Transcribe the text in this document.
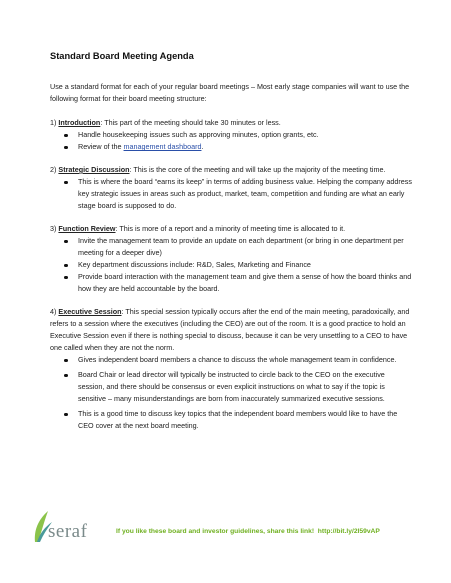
Standard Board Meeting Agenda

Use a standard format for each of your regular board meetings – Most early stage companies will want to use the following format for their board meeting structure:

1) Introduction: This part of the meeting should take 30 minutes or less.

Handle housekeeping issues such as approving minutes, option grants, etc.
Review of the management dashboard.

2) Strategic Discussion: This is the core of the meeting and will take up the majority of the meeting time.

This is where the board “earns its keep” in terms of adding business value. Helping the company address key strategic issues in areas such as product, market, team, competition and funding are what an early stage board is supposed to do.

3) Function Review: This is more of a report and a minority of meeting time is allocated to it.

Invite the management team to provide an update on each department (or bring in one department per meeting for a deeper dive)
Key department discussions include: R&D, Sales, Marketing and Finance
Provide board interaction with the management team and give them a sense of how the board thinks and how they are held accountable by the board.

4) Executive Session: This special session typically occurs after the end of the main meeting, paradoxically, and refers to a session where the executives (including the CEO) are out of the room. It is a good practice to hold an Executive Session even if there is nothing special to discuss, because it can be very unsettling to a CEO to have one called when they are not the norm.

Gives independent board members a chance to discuss the whole management team in confidence.
Board Chair or lead director will typically be instructed to circle back to the CEO on the executive session, and there should be consensus or even explicit instructions on what to say if the topic is sensitive – many misunderstandings are born from inaccurately summarized executive sessions.
This is a good time to discuss key topics that the independent board members would like to have the CEO cover at the next board meeting.
seraf	If you like these board and investor guidelines, share this link! http://bit.ly/2l59vAP
